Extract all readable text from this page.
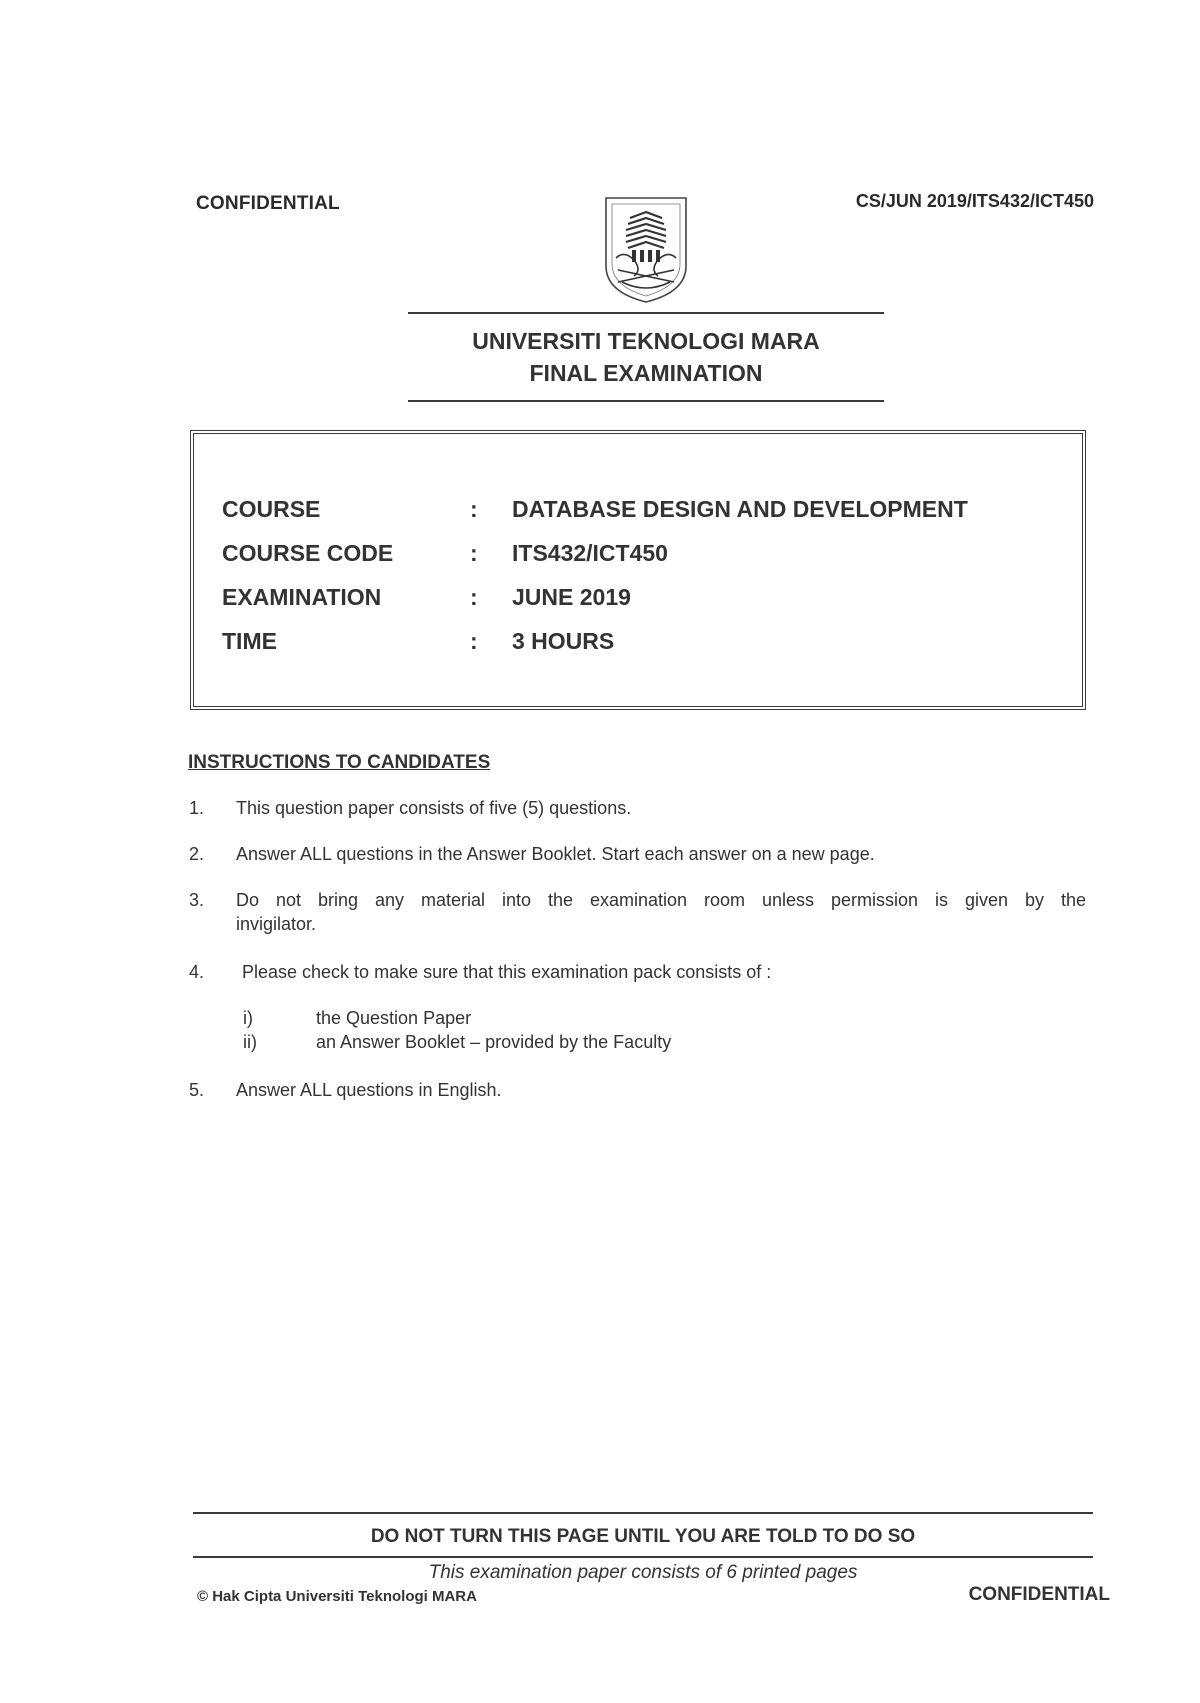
CONFIDENTIAL	CS/JUN 2019/ITS432/ICT450
UNIVERSITI TEKNOLOGI MARA
FINAL EXAMINATION
COURSE	: DATABASE DESIGN AND DEVELOPMENT
COURSE CODE	: ITS432/ICT450
EXAMINATION	: JUNE 2019
TIME	: 3 HOURS
INSTRUCTIONS TO CANDIDATES
1. This question paper consists of five (5) questions.
2. Answer ALL questions in the Answer Booklet. Start each answer on a new page.
3. Do not bring any material into the examination room unless permission is given by the invigilator.
4. Please check to make sure that this examination pack consists of :
i)	the Question Paper
ii)	an Answer Booklet – provided by the Faculty
5. Answer ALL questions in English.
DO NOT TURN THIS PAGE UNTIL YOU ARE TOLD TO DO SO
This examination paper consists of 6 printed pages
© Hak Cipta Universiti Teknologi MARA	CONFIDENTIAL
